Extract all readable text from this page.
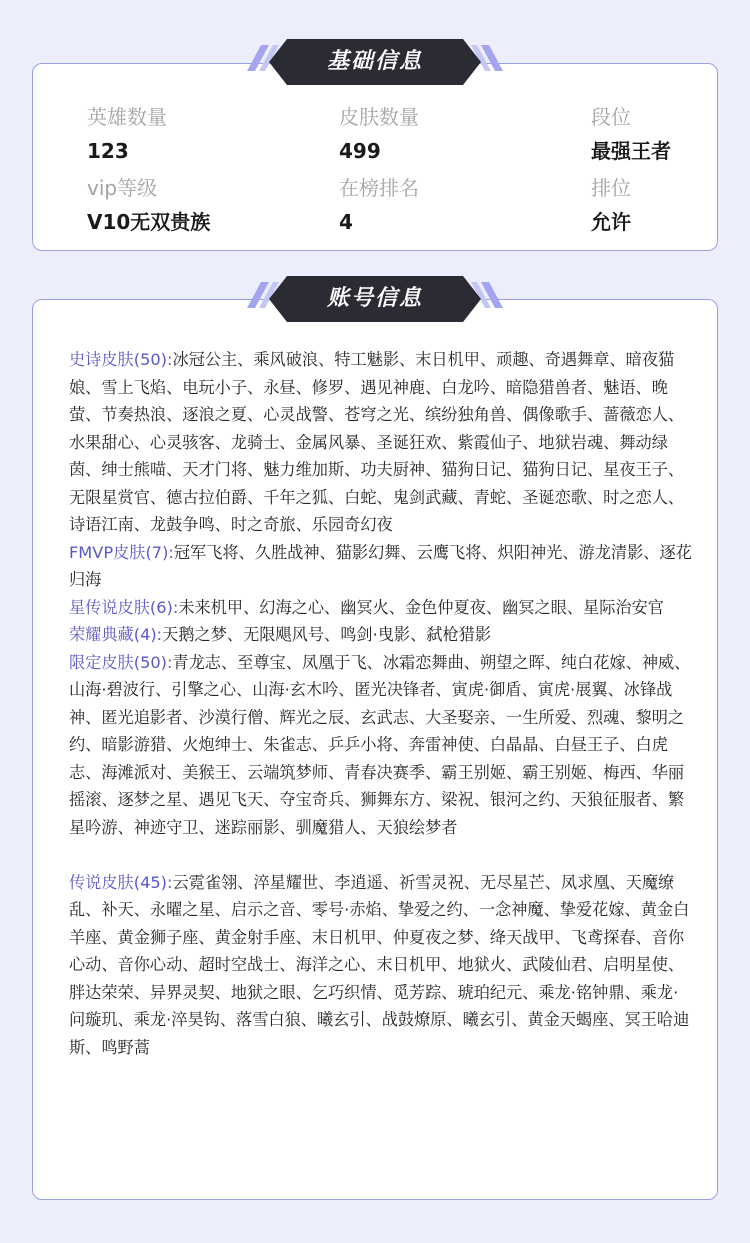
英雄数量
123
皮肤数量
499
段位
最强王者
vip等级
V10无双贵族
在榜排名
4
排位
允许
基础信息
史诗皮肤(50):冰冠公主、乘风破浪、特工魅影、末日机甲、顽趣、奇遇舞章、暗夜猫娘、雪上飞焰、电玩小子、永昼、修罗、遇见神鹿、白龙吟、暗隐猎兽者、魅语、晚萤、节奏热浪、逐浪之夏、心灵战警、苍穹之光、缤纷独角兽、偶像歌手、蔷薇恋人、水果甜心、心灵骇客、龙骑士、金属风暴、圣诞狂欢、紫霞仙子、地狱岩魂、舞动绿茵、绅士熊喵、天才门将、魅力维加斯、功夫厨神、猫狗日记、猫狗日记、星夜王子、无限星赏官、德古拉伯爵、千年之狐、白蛇、鬼剑武藏、青蛇、圣诞恋歌、时之恋人、诗语江南、龙鼓争鸣、时之奇旅、乐园奇幻夜
FMVP皮肤(7):冠军飞将、久胜战神、猫影幻舞、云鹰飞将、炽阳神光、游龙清影、逐花归海
星传说皮肤(6):未来机甲、幻海之心、幽冥火、金色仲夏夜、幽冥之眼、星际治安官
荣耀典藏(4):天鹅之梦、无限飓风号、鸣剑·曳影、弑枪猎影
限定皮肤(50):青龙志、至尊宝、凤凰于飞、冰霜恋舞曲、朔望之晖、纯白花嫁、神威、山海·碧波行、引擎之心、山海·玄木吟、匿光决锋者、寅虎·御盾、寅虎·展翼、冰锋战神、匿光追影者、沙漠行僧、辉光之辰、玄武志、大圣娶亲、一生所爱、烈魂、黎明之约、暗影游猎、火炮绅士、朱雀志、乒乒小将、奔雷神使、白晶晶、白昼王子、白虎志、海滩派对、美猴王、云端筑梦师、青春决赛季、霸王别姬、霸王别姬、梅西、华丽摇滚、逐梦之星、遇见飞天、夺宝奇兵、狮舞东方、梁祝、银河之约、天狼征服者、繁星吟游、神迹守卫、迷踪丽影、驯魔猎人、天狼绘梦者
传说皮肤(45):云霓雀翎、淬星耀世、李逍遥、祈雪灵祝、无尽星芒、凤求凰、天魔缭乱、补天、永曜之星、启示之音、零号·赤焰、挚爱之约、一念神魔、挚爱花嫁、黄金白羊座、黄金狮子座、黄金射手座、末日机甲、仲夏夜之梦、绛天战甲、飞鸢探春、音你心动、音你心动、超时空战士、海洋之心、末日机甲、地狱火、武陵仙君、启明星使、胖达荣荣、异界灵契、地狱之眼、乞巧织情、觅芳踪、琥珀纪元、乘龙·铭钟鼎、乘龙·问璇玑、乘龙·淬昊钩、落雪白狼、曦玄引、战鼓燎原、曦玄引、黄金天蝎座、冥王哈迪斯、鸣野蒿
账号信息
